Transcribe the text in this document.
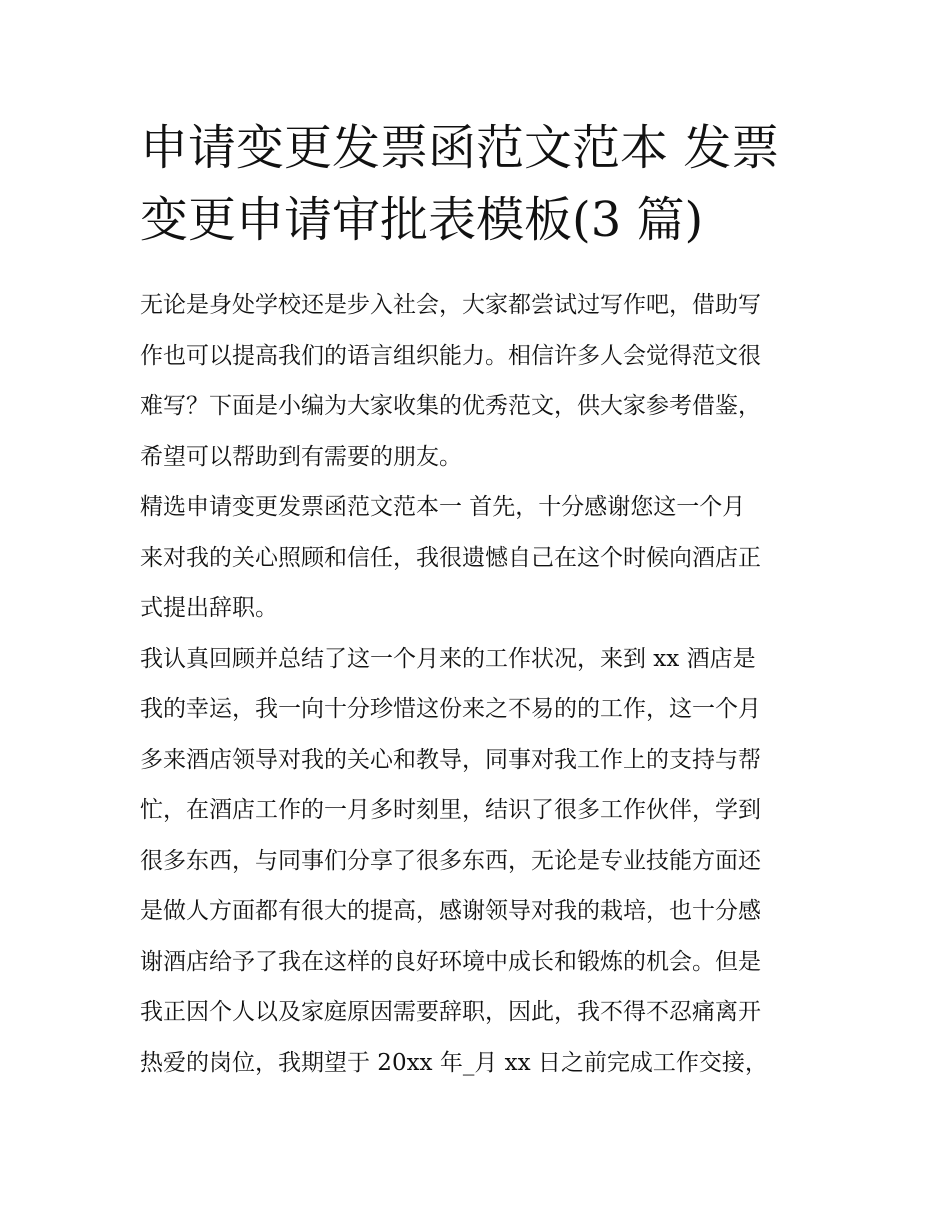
申请变更发票函范文范本 发票
变更申请审批表模板(3 篇)

无论是身处学校还是步入社会，大家都尝试过写作吧，借助写
作也可以提高我们的语言组织能力。相信许多人会觉得范文很
难写？下面是小编为大家收集的优秀范文，供大家参考借鉴，
希望可以帮助到有需要的朋友。

精选申请变更发票函范文范本一 首先，十分感谢您这一个月
来对我的关心照顾和信任，我很遗憾自己在这个时候向酒店正
式提出辞职。

我认真回顾并总结了这一个月来的工作状况，来到 xx 酒店是
我的幸运，我一向十分珍惜这份来之不易的的工作，这一个月
多来酒店领导对我的关心和教导，同事对我工作上的支持与帮
忙，在酒店工作的一月多时刻里，结识了很多工作伙伴，学到
很多东西，与同事们分享了很多东西，无论是专业技能方面还
是做人方面都有很大的提高，感谢领导对我的栽培，也十分感
谢酒店给予了我在这样的良好环境中成长和锻炼的机会。但是
我正因个人以及家庭原因需要辞职，因此，我不得不忍痛离开
热爱的岗位，我期望于 20xx 年_月 xx 日之前完成工作交接，
